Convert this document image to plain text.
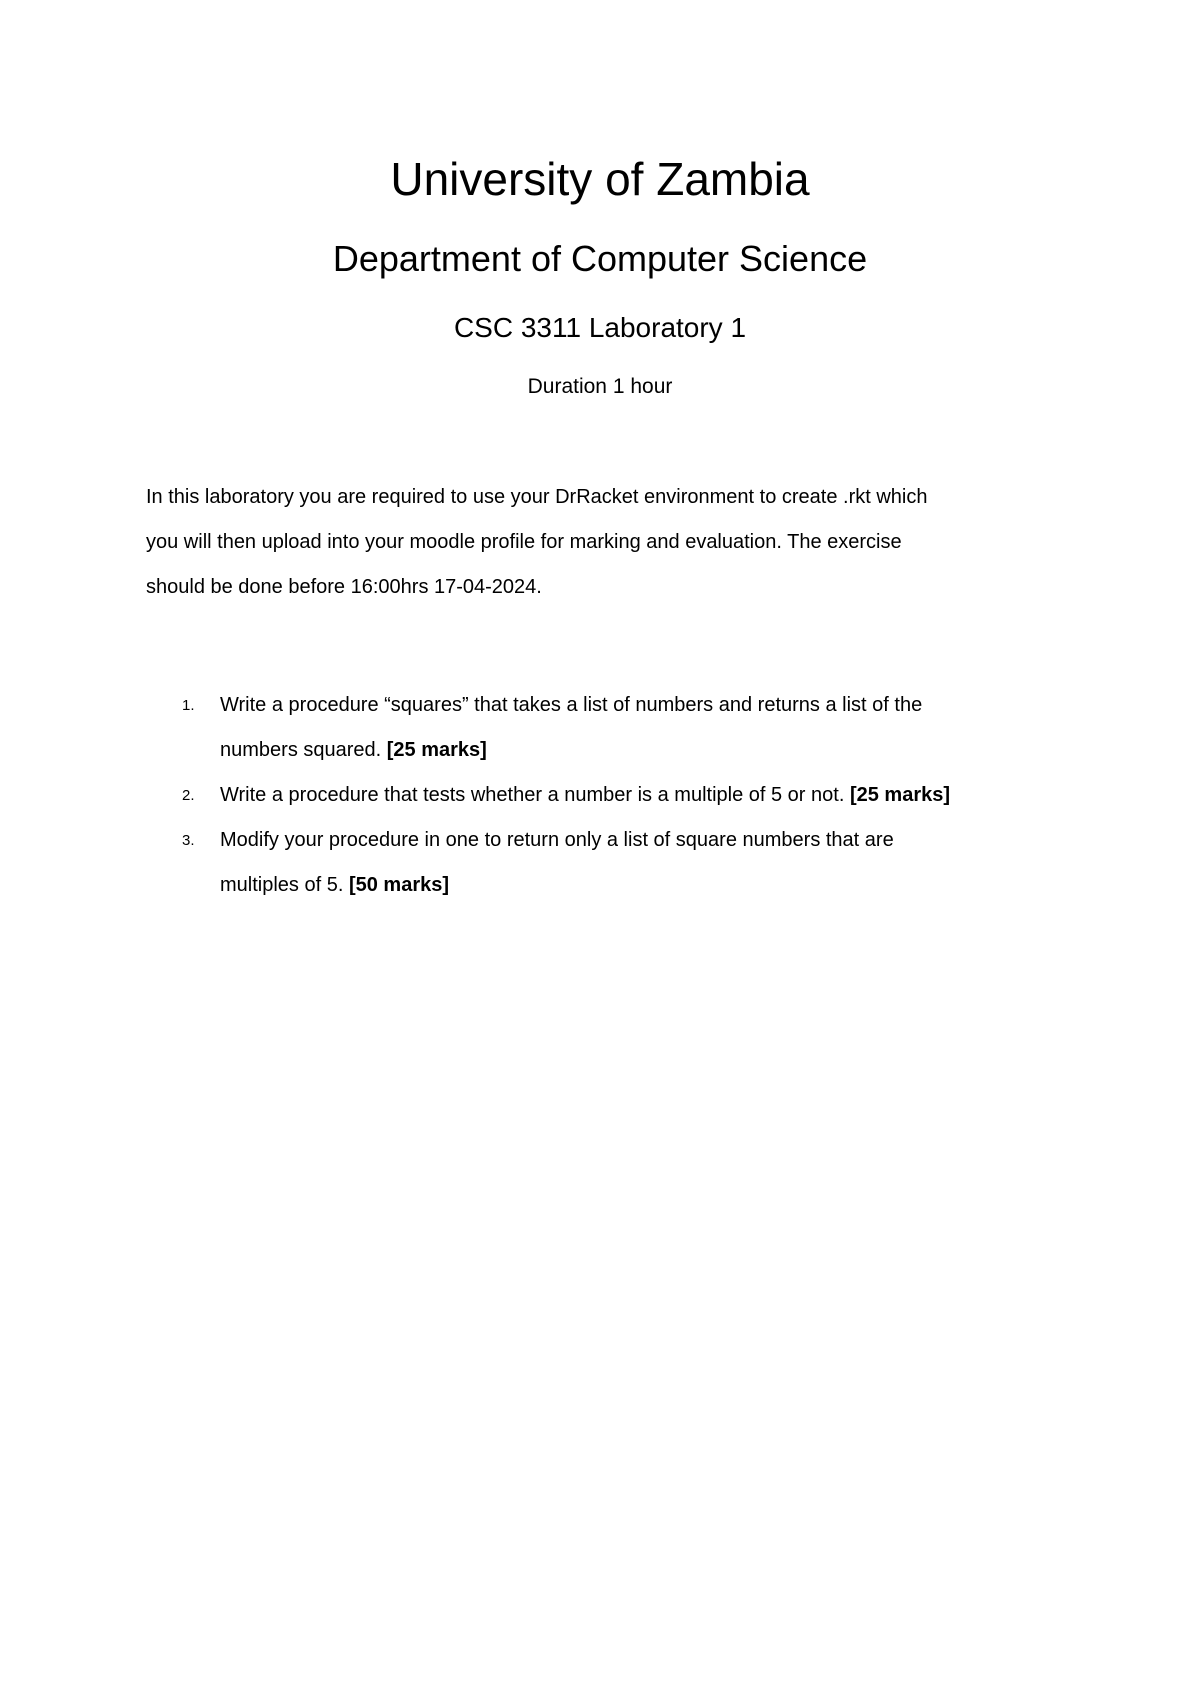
University of Zambia
Department of Computer Science
CSC 3311 Laboratory 1
Duration 1 hour
In this laboratory you are required to use your DrRacket environment to create .rkt which
you will then upload into your moodle profile for marking and evaluation. The exercise
should be done before 16:00hrs 17-04-2024.
1. Write a procedure “squares” that takes a list of numbers and returns a list of the
numbers squared. [25 marks]
2. Write a procedure that tests whether a number is a multiple of 5 or not. [25 marks]
3. Modify your procedure in one to return only a list of square numbers that are
multiples of 5. [50 marks]
